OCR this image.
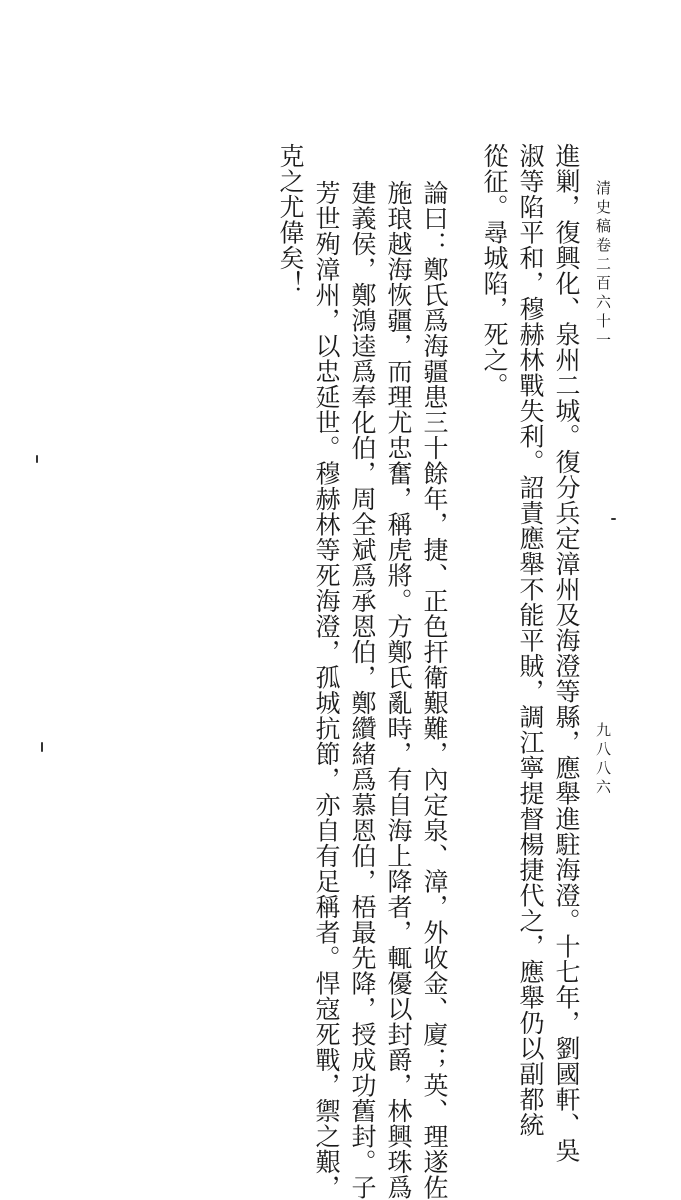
清史稿卷二百六十一
九八八六
進剿，復興化、泉州二城。復分兵定漳州及海澄等縣，應舉進駐海澄。十七年，劉國軒、吳
淑等陷平和，穆赫林戰失利。詔責應舉不能平賊，調江寧提督楊捷代之，應舉仍以副都統
從征。尋城陷，死之。
論曰：鄭氏爲海疆患三十餘年，捷、正色扞衛艱難，內定泉、漳，外收金、廈；英、理遂佐
施琅越海恢疆，而理尤忠奮，稱虎將。方鄭氏亂時，有自海上降者，輒優以封爵，林興珠爲
建義侯，鄭鴻逵爲奉化伯，周全斌爲承恩伯，鄭纘緒爲慕恩伯，梧最先降，授成功舊封。子
芳世殉漳州，以忠延世。穆赫林等死海澄，孤城抗節，亦自有足稱者。悍寇死戰，禦之艱，
克之尤偉矣！
